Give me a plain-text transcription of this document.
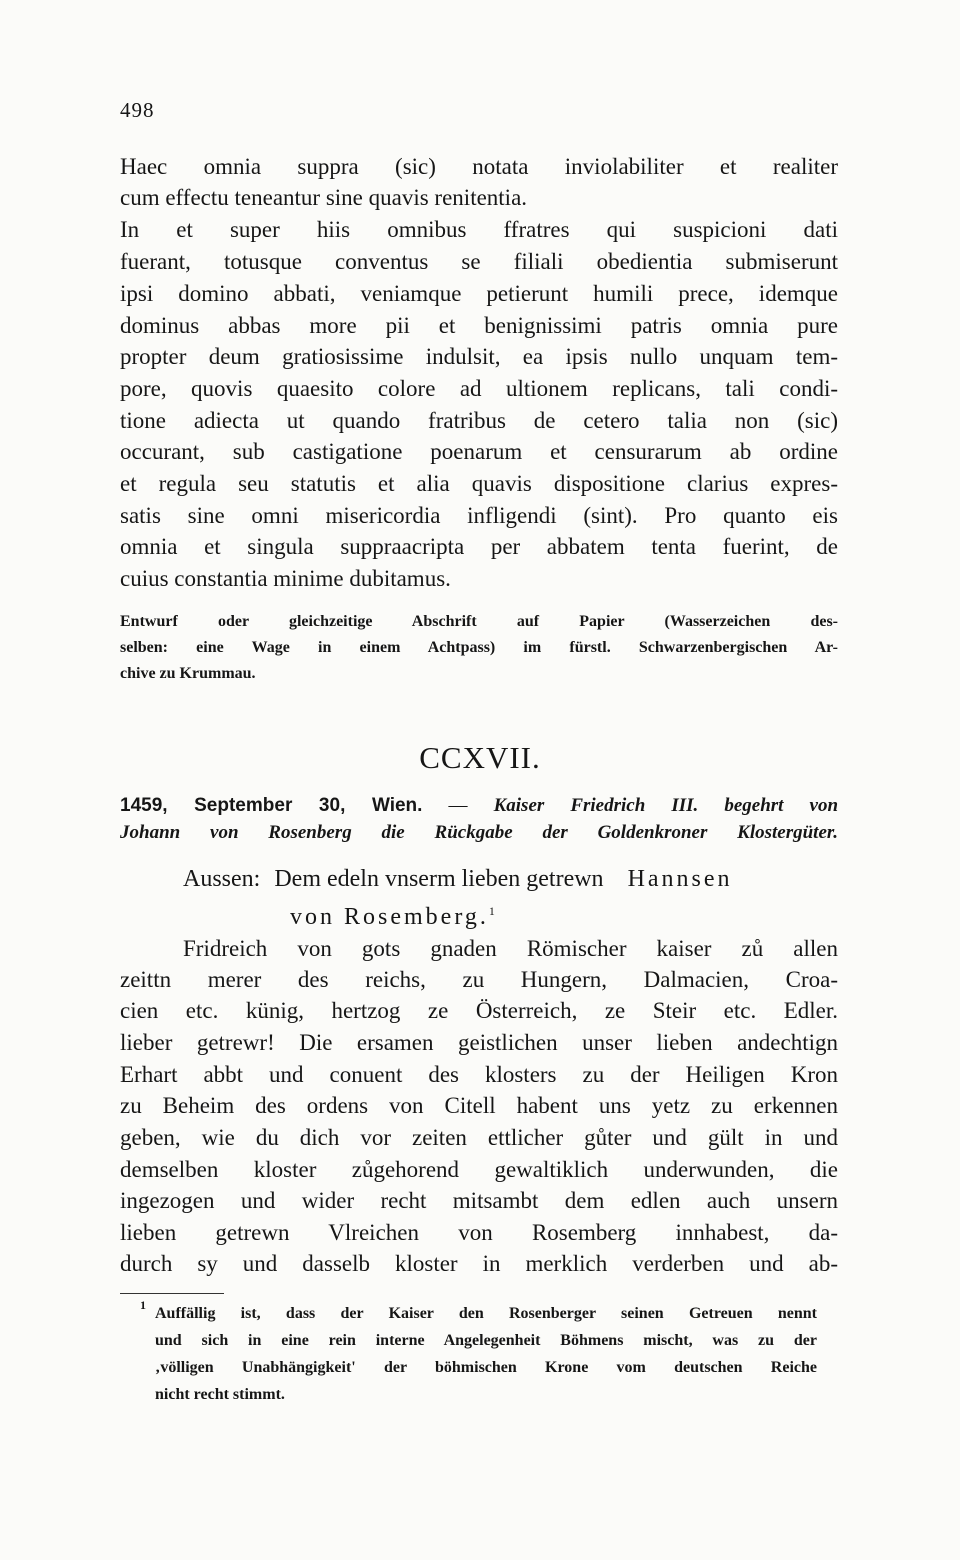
498
Haec omnia suppra (sic) notata inviolabiliter et realiter
cum effectu teneantur sine quavis renitentia.
In et super hiis omnibus ffratres qui suspicioni dati
fuerant, totusque conventus se filiali obedientia submiserunt
ipsi domino abbati, veniamque petierunt humili prece, idemque
dominus abbas more pii et benignissimi patris omnia pure
propter deum gratiosissime indulsit, ea ipsis nullo unquam tem-
pore, quovis quaesito colore ad ultionem replicans, tali condi-
tione adiecta ut quando fratribus de cetero talia non (sic)
occurant, sub castigatione poenarum et censurarum ab ordine
et regula seu statutis et alia quavis dispositione clarius expres-
satis sine omni misericordia infligendi (sint). Pro quanto eis
omnia et singula suppraacripta per abbatem tenta fuerint, de
cuius constantia minime dubitamus.
Entwurf oder gleichzeitige Abschrift auf Papier (Wasserzeichen des-
selben: eine Wage in einem Achtpass) im fürstl. Schwarzenbergischen Ar-
chive zu Krummau.
CCXVII.
1459, September 30, Wien. — Kaiser Friedrich III. begehrt von
Johann von Rosenberg die Rückgabe der Goldenkroner Klostergüter.
Aussen: Dem edeln vnserm lieben getrewn Hannsen
von Rosemberg.$^1$
Fridreich von gots gnaden Römischer kaiser zů allen
zeittn merer des reichs, zu Hungern, Dalmacien, Croa-
cien etc. künig, hertzog ze Österreich, ze Steir etc. Edler.
lieber getrewr! Die ersamen geistlichen unser lieben andechtign
Erhart abbt und conuent des klosters zu der Heiligen Kron
zu Beheim des ordens von Citell habent uns yetz zu erkennen
geben, wie du dich vor zeiten ettlicher gůter und gült in und
demselben kloster zůgehorend gewaltiklich underwunden, die
ingezogen und wider recht mitsambt dem edlen auch unsern
lieben getrewn Vlreichen von Rosemberg innhabest, da-
durch sy und dasselb kloster in merklich verderben und ab-
1 Auffällig ist, dass der Kaiser den Rosenberger seinen Getreuen nennt
und sich in eine rein interne Angelegenheit Böhmens mischt, was zu der
‚völligen Unabhängigkeit' der böhmischen Krone vom deutschen Reiche
nicht recht stimmt.
